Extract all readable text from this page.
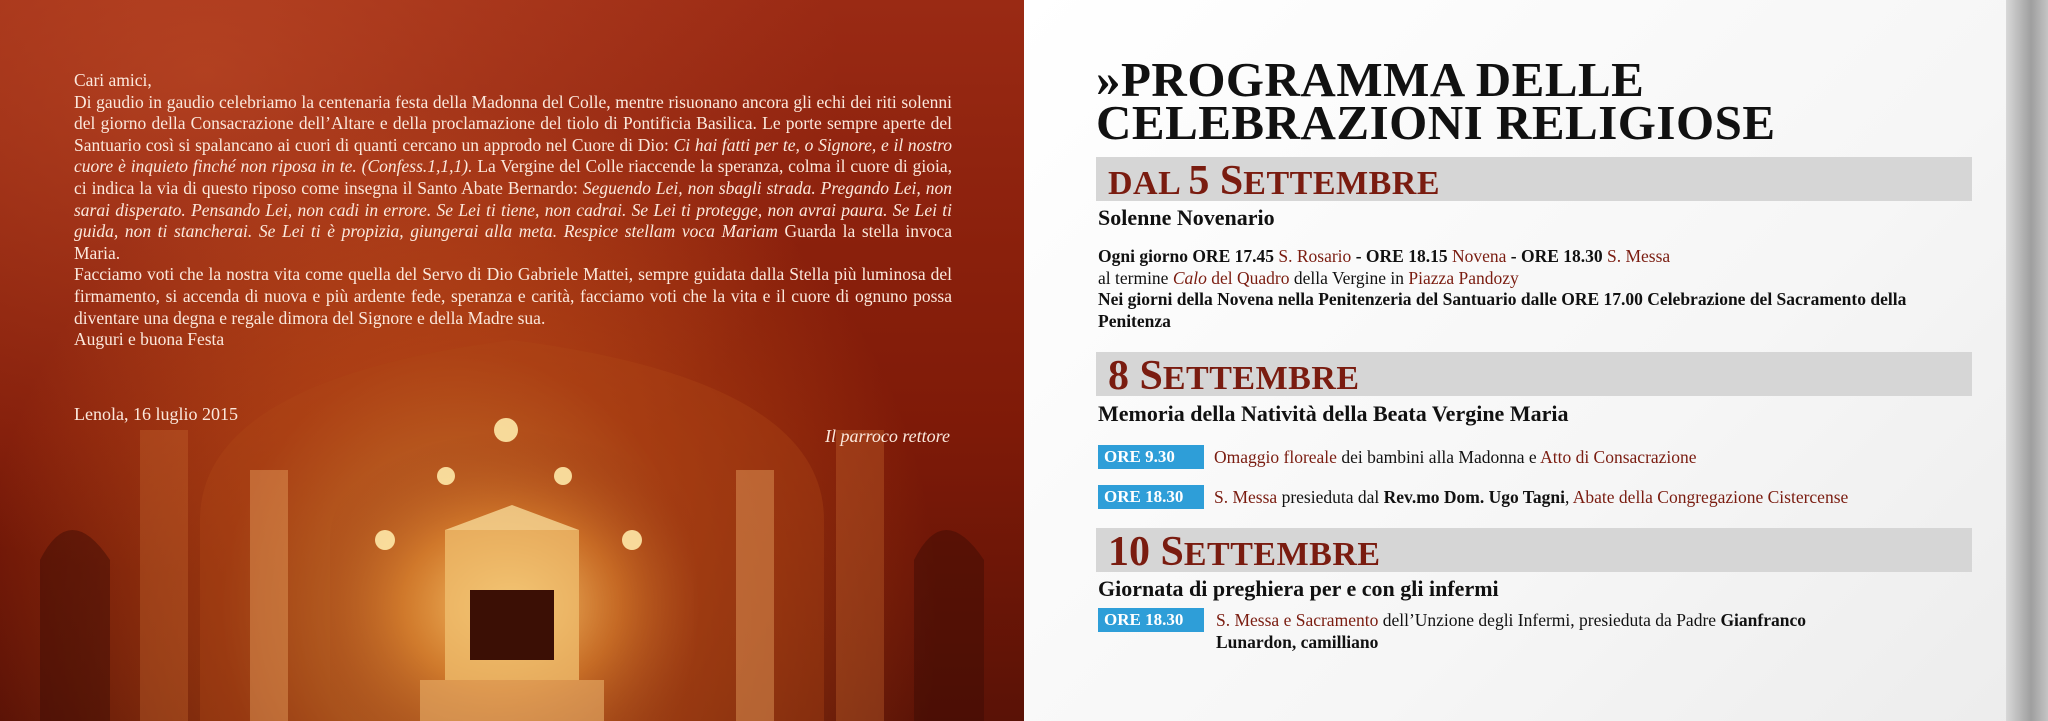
Cari amici,

Di gaudio in gaudio celebriamo la centenaria festa della Madonna del Colle, mentre risuonano ancora gli echi dei riti solenni del giorno della Consacrazione dell’Altare e della proclamazione del tiolo di Pontificia Basilica. Le porte sempre aperte del Santuario così si spalancano ai cuori di quanti cercano un approdo nel Cuore di Dio: Ci hai fatti per te, o Signore, e il nostro cuore è inquieto finché non riposa in te. (Confess.1,1,1). La Vergine del Colle riaccende la speranza, colma il cuore di gioia, ci indica la via di questo riposo come insegna il Santo Abate Bernardo: Seguendo Lei, non sbagli strada. Pregando Lei, non sarai disperato. Pensando Lei, non cadi in errore. Se Lei ti tiene, non cadrai. Se Lei ti protegge, non avrai paura. Se Lei ti guida, non ti stancherai. Se Lei ti è propizia, giungerai alla meta. Respice stellam voca Mariam Guarda la stella invoca Maria.

Facciamo voti che la nostra vita come quella del Servo di Dio Gabriele Mattei, sempre guidata dalla Stella più luminosa del firmamento, si accenda di nuova e più ardente fede, speranza e carità, facciamo voti che la vita e il cuore di ognuno possa diventare una degna e regale dimora del Signore e della Madre sua.

Auguri e buona Festa

Lenola, 16 luglio 2015
Il parroco rettore
»PROGRAMMA DELLE
CELEBRAZIONI RELIGIOSE
DAL 5 SETTEMBRE
Solenne Novenario
Ogni giorno ORE 17.45 S. Rosario - ORE 18.15 Novena - ORE 18.30 S. Messa
al termine Calo del Quadro della Vergine in Piazza Pandozy
Nei giorni della Novena nella Penitenzeria del Santuario dalle ORE 17.00 Celebrazione del Sacramento della Penitenza
8 SETTEMBRE
Memoria della Natività della Beata Vergine Maria
ORE 9.30	Omaggio floreale dei bambini alla Madonna e Atto di Consacrazione
ORE 18.30	S. Messa presieduta dal Rev.mo Dom. Ugo Tagni, Abate della Congregazione Cistercense
10 SETTEMBRE
Giornata di preghiera per e con gli infermi
ORE 18.30	S. Messa e Sacramento dell’Unzione degli Infermi, presieduta da Padre Gianfranco
Lunardon, camilliano
